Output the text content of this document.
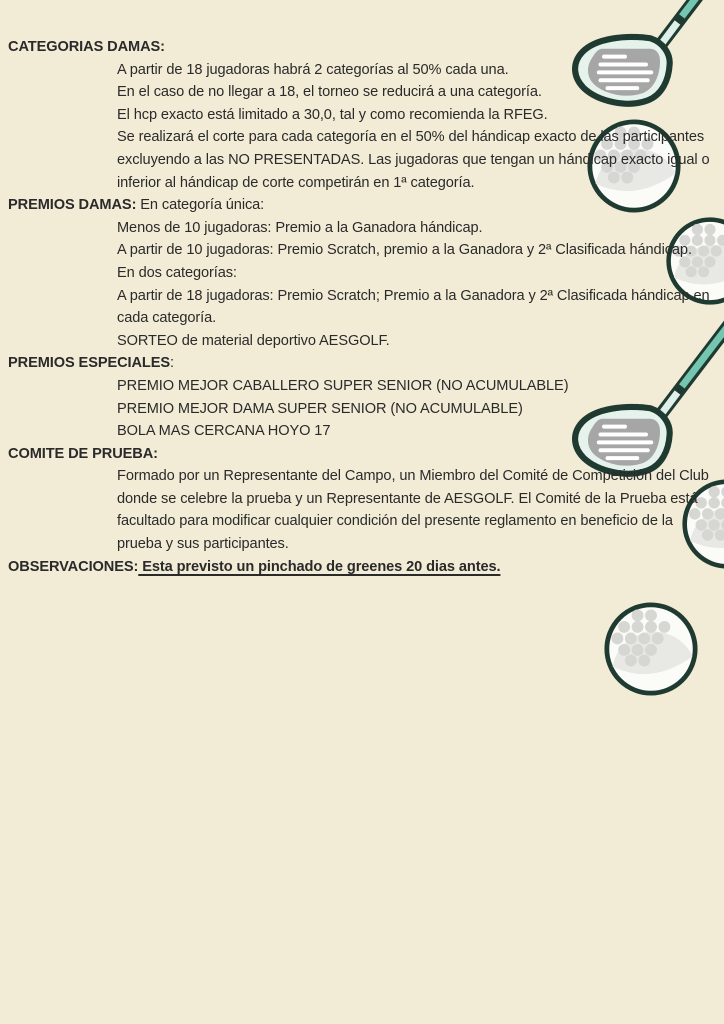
CATEGORIAS DAMAS:
A partir de 18 jugadoras habrá 2 categorías al 50% cada una.
En el caso de no llegar a 18, el torneo se reducirá a una categoría.
El hcp exacto está limitado a 30,0, tal y como recomienda la RFEG.
Se realizará el corte para cada categoría en el 50% del hándicap exacto de las participantes
excluyendo a las NO PRESENTADAS. Las jugadoras que tengan un hándicap exacto igual o
inferior al hándicap de corte competirán en 1ª categoría.
PREMIOS DAMAS: En categoría única:
Menos de 10 jugadoras: Premio a la Ganadora hándicap.
A partir de 10 jugadoras: Premio Scratch, premio a la Ganadora y 2ª Clasificada hándicap.
En dos categorías:
A partir de 18 jugadoras: Premio Scratch; Premio a la Ganadora y 2ª Clasificada hándicap en
cada categoría.
SORTEO de material deportivo AESGOLF.
PREMIOS ESPECIALES:
PREMIO MEJOR CABALLERO SUPER SENIOR (NO ACUMULABLE)
PREMIO MEJOR DAMA SUPER SENIOR (NO ACUMULABLE)
BOLA MAS CERCANA HOYO 17
COMITE DE PRUEBA:
Formado por un Representante del Campo, un Miembro del Comité de Competición del Club
donde se celebre la prueba y un Representante de AESGOLF. El Comité de la Prueba está
facultado para modificar cualquier condición del presente reglamento en beneficio de la
prueba y sus participantes.
OBSERVACIONES: Esta previsto un pinchado de greenes 20 dias antes.
